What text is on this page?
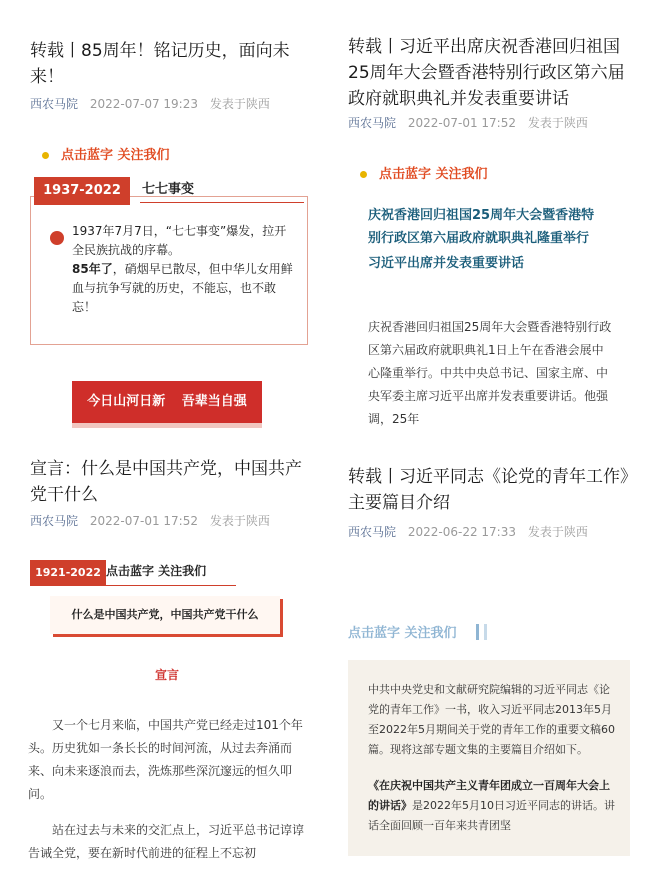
转载丨85周年！铭记历史，面向未来！
西农马院 2022-07-07 19:23 发表于陕西
点击蓝字 关注我们
1937-2022	七七事变

1937年7月7日，“七七事变”爆发，拉开全民族抗战的序幕。

85年了，硝烟早已散尽，但中华儿女用鲜血与抗争写就的历史，不能忘，也不敢忘！

今日山河日新 吾辈当自强
转载丨习近平出席庆祝香港回归祖国25周年大会暨香港特别行政区第六届政府就职典礼并发表重要讲话
西农马院 2022-07-01 17:52 发表于陕西
点击蓝字 关注我们

庆祝香港回归祖国25周年大会暨香港特别行政区第六届政府就职典礼隆重举行

习近平出席并发表重要讲话

庆祝香港回归祖国25周年大会暨香港特别行政区第六届政府就职典礼1日上午在香港会展中心隆重举行。中共中央总书记、国家主席、中央军委主席习近平出席并发表重要讲话。他强调，25年
宣言：什么是中国共产党，中国共产党干什么
西农马院 2022-07-01 17:52 发表于陕西
1921-2022 点击蓝字 关注我们
什么是中国共产党，中国共产党干什么
宣言

又一个七月来临，中国共产党已经走过101个年头。历史犹如一条长长的时间河流，从过去奔涌而来、向未来逐浪而去，洗炼那些深沉邃远的恒久叩问。

站在过去与未来的交汇点上，习近平总书记谆谆告诫全党，要在新时代前进的征程上不忘初

转载丨习近平同志《论党的青年工作》主要篇目介绍
西农马院 2022-06-22 17:33 发表于陕西
点击蓝字 关注我们

中共中央党史和文献研究院编辑的习近平同志《论党的青年工作》一书，收入习近平同志2013年5月至2022年5月期间关于党的青年工作的重要文稿60篇。现将这部专题文集的主要篇目介绍如下。

《在庆祝中国共产主义青年团成立一百周年大会上的讲话》是2022年5月10日习近平同志的讲话。讲话全面回顾一百年来共青团坚
